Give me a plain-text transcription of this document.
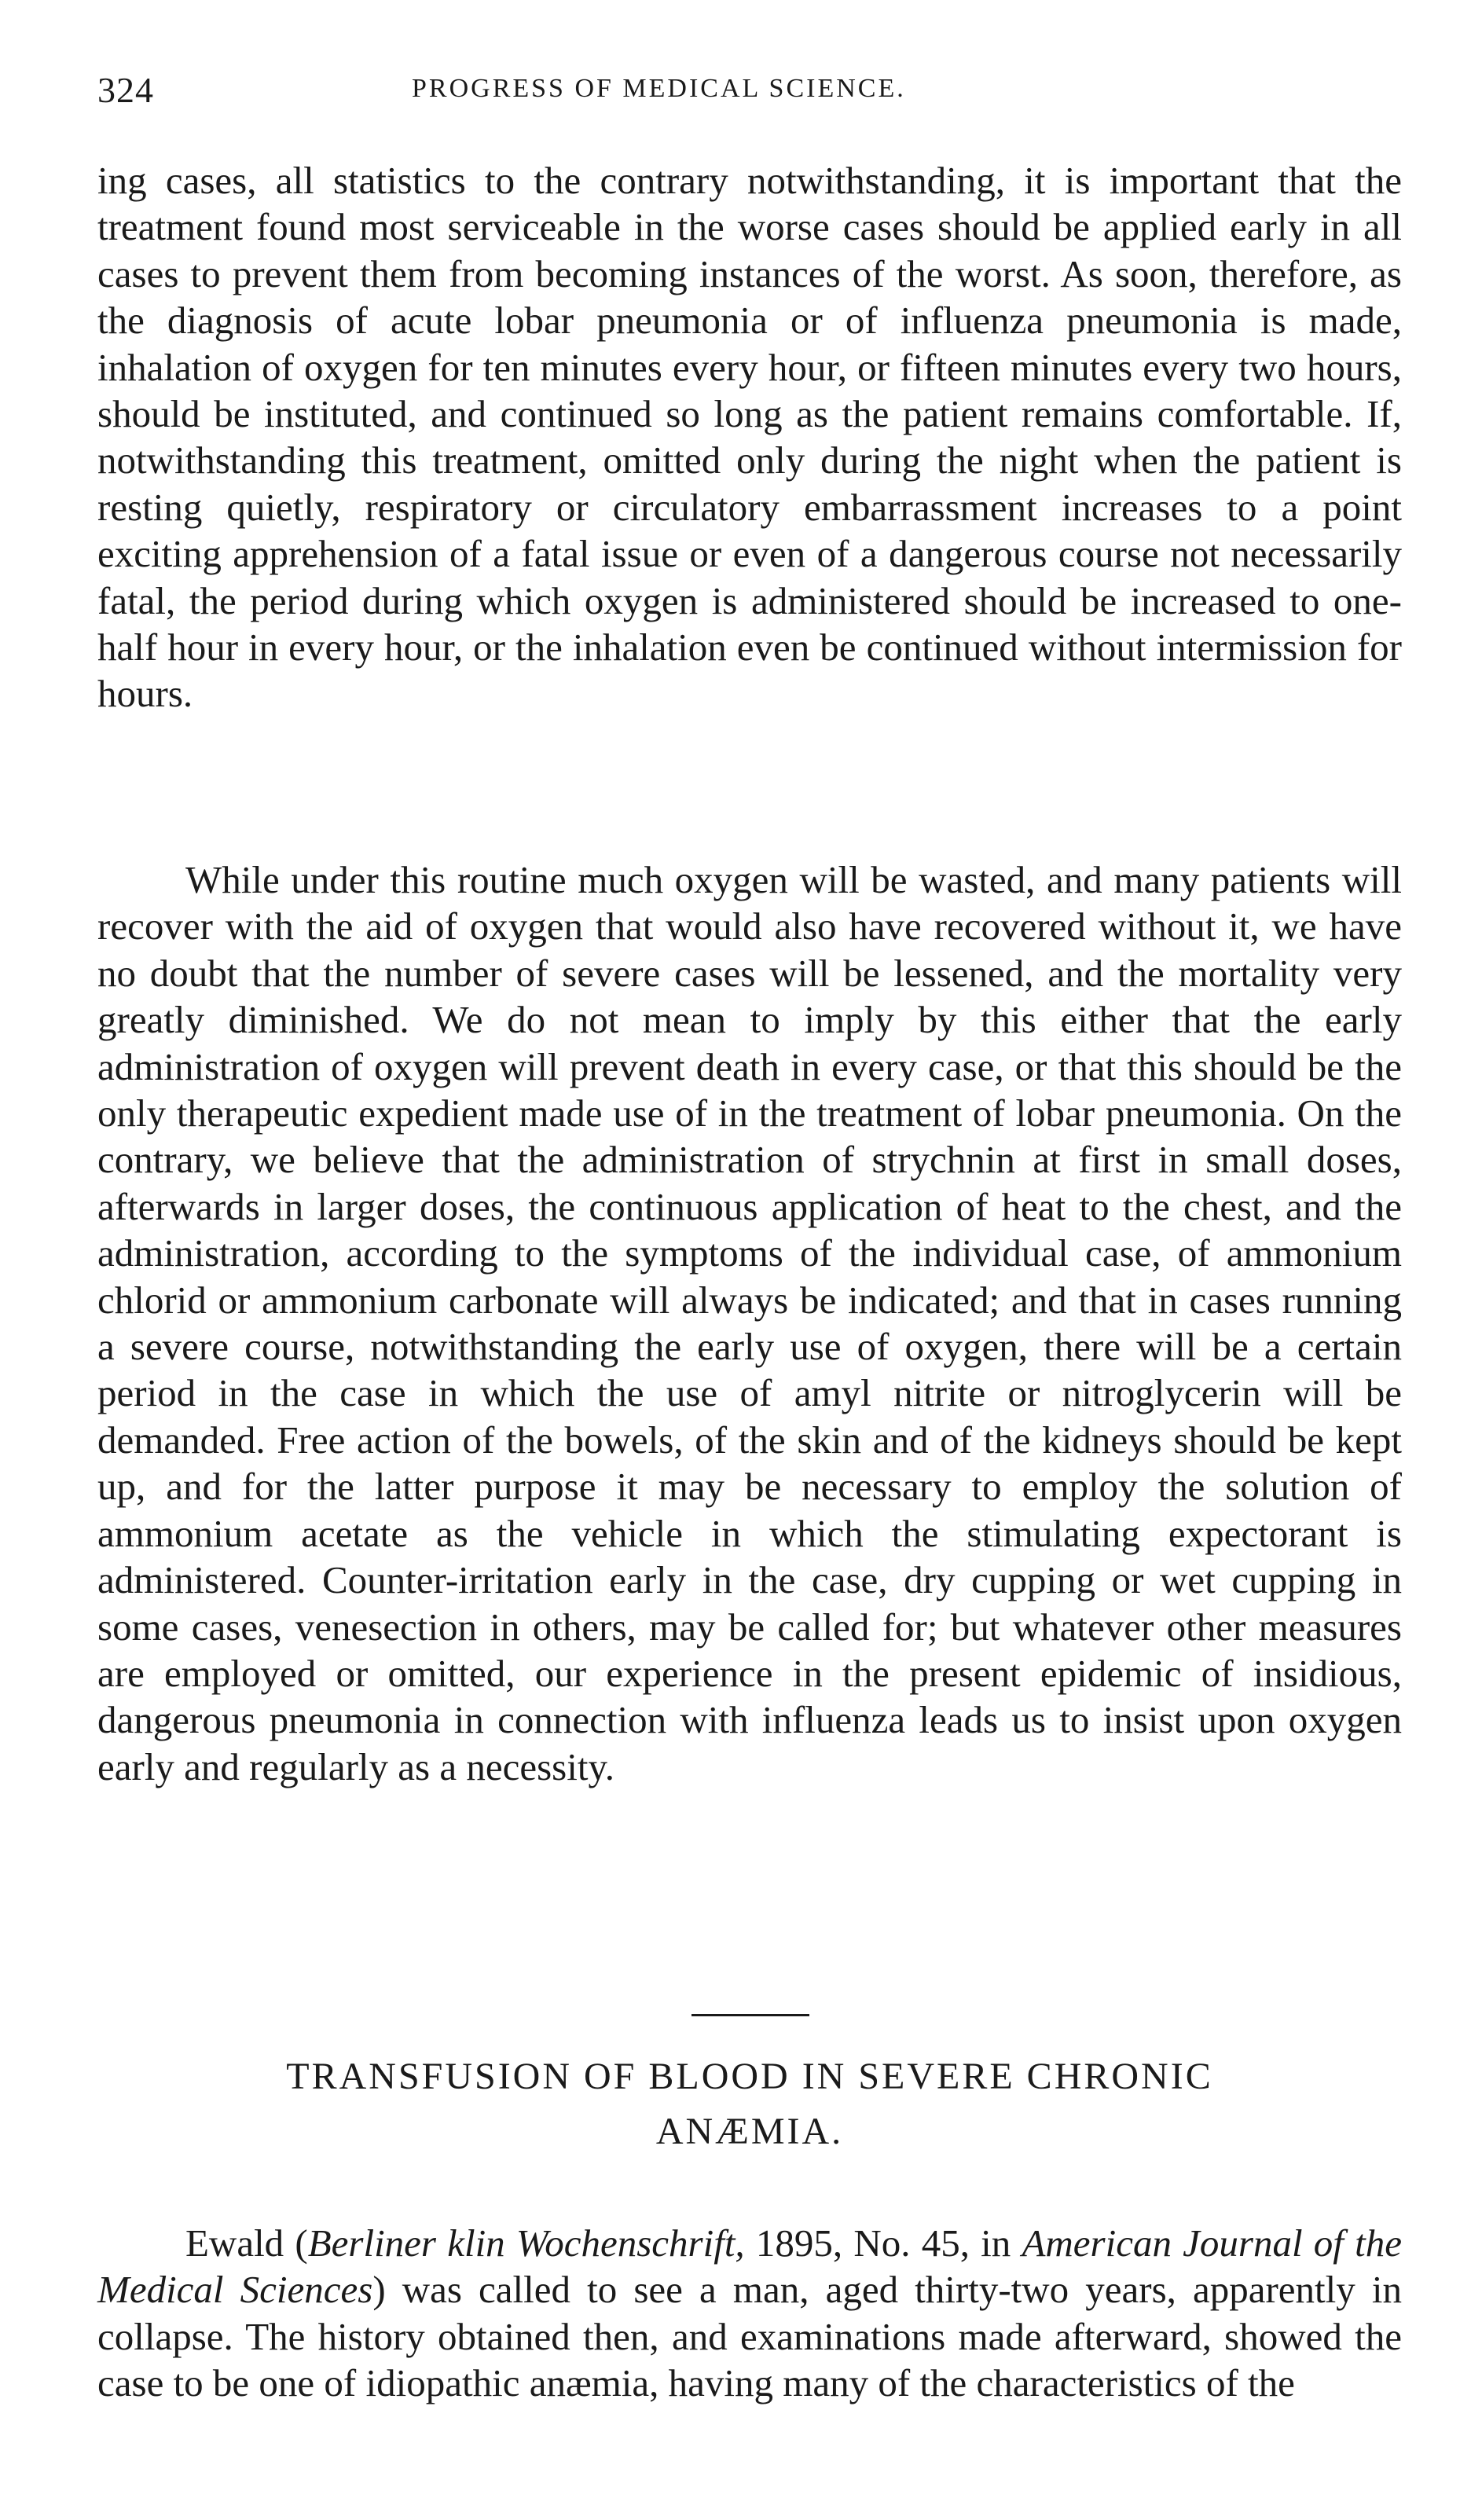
324	PROGRESS OF MEDICAL SCIENCE.

ing cases, all statistics to the contrary notwithstanding, it is important that the treatment found most serviceable in the worse cases should be applied early in all cases to prevent them from becoming instances of the worst. As soon, therefore, as the diagnosis of acute lobar pneumonia or of influenza pneumonia is made, inhalation of oxygen for ten minutes every hour, or fifteen minutes every two hours, should be instituted, and continued so long as the patient remains comfortable. If, notwithstanding this treatment, omitted only during the night when the patient is resting quietly, respiratory or circulatory embarrassment increases to a point exciting apprehension of a fatal issue or even of a dangerous course not necessarily fatal, the period during which oxygen is administered should be increased to one-half hour in every hour, or the inhalation even be continued without intermission for hours.

While under this routine much oxygen will be wasted, and many patients will recover with the aid of oxygen that would also have recovered without it, we have no doubt that the number of severe cases will be lessened, and the mortality very greatly diminished. We do not mean to imply by this either that the early administration of oxygen will prevent death in every case, or that this should be the only therapeutic expedient made use of in the treatment of lobar pneumonia. On the contrary, we believe that the administration of strychnin at first in small doses, afterwards in larger doses, the continuous application of heat to the chest, and the administration, according to the symptoms of the individual case, of ammonium chlorid or ammonium carbonate will always be indicated; and that in cases running a severe course, notwithstanding the early use of oxygen, there will be a certain period in the case in which the use of amyl nitrite or nitroglycerin will be demanded. Free action of the bowels, of the skin and of the kidneys should be kept up, and for the latter purpose it may be necessary to employ the solution of ammonium acetate as the vehicle in which the stimulating expectorant is administered. Counter-irritation early in the case, dry cupping or wet cupping in some cases, venesection in others, may be called for; but whatever other measures are employed or omitted, our experience in the present epidemic of insidious, dangerous pneumonia in connection with influenza leads us to insist upon oxygen early and regularly as a necessity.

TRANSFUSION OF BLOOD IN SEVERE CHRONIC
ANÆMIA.

Ewald (Berliner klin Wochenschrift, 1895, No. 45, in American Journal of the Medical Sciences) was called to see a man, aged thirty-two years, apparently in collapse. The history obtained then, and examinations made afterward, showed the case to be one of idiopathic anæmia, having many of the characteristics of the
